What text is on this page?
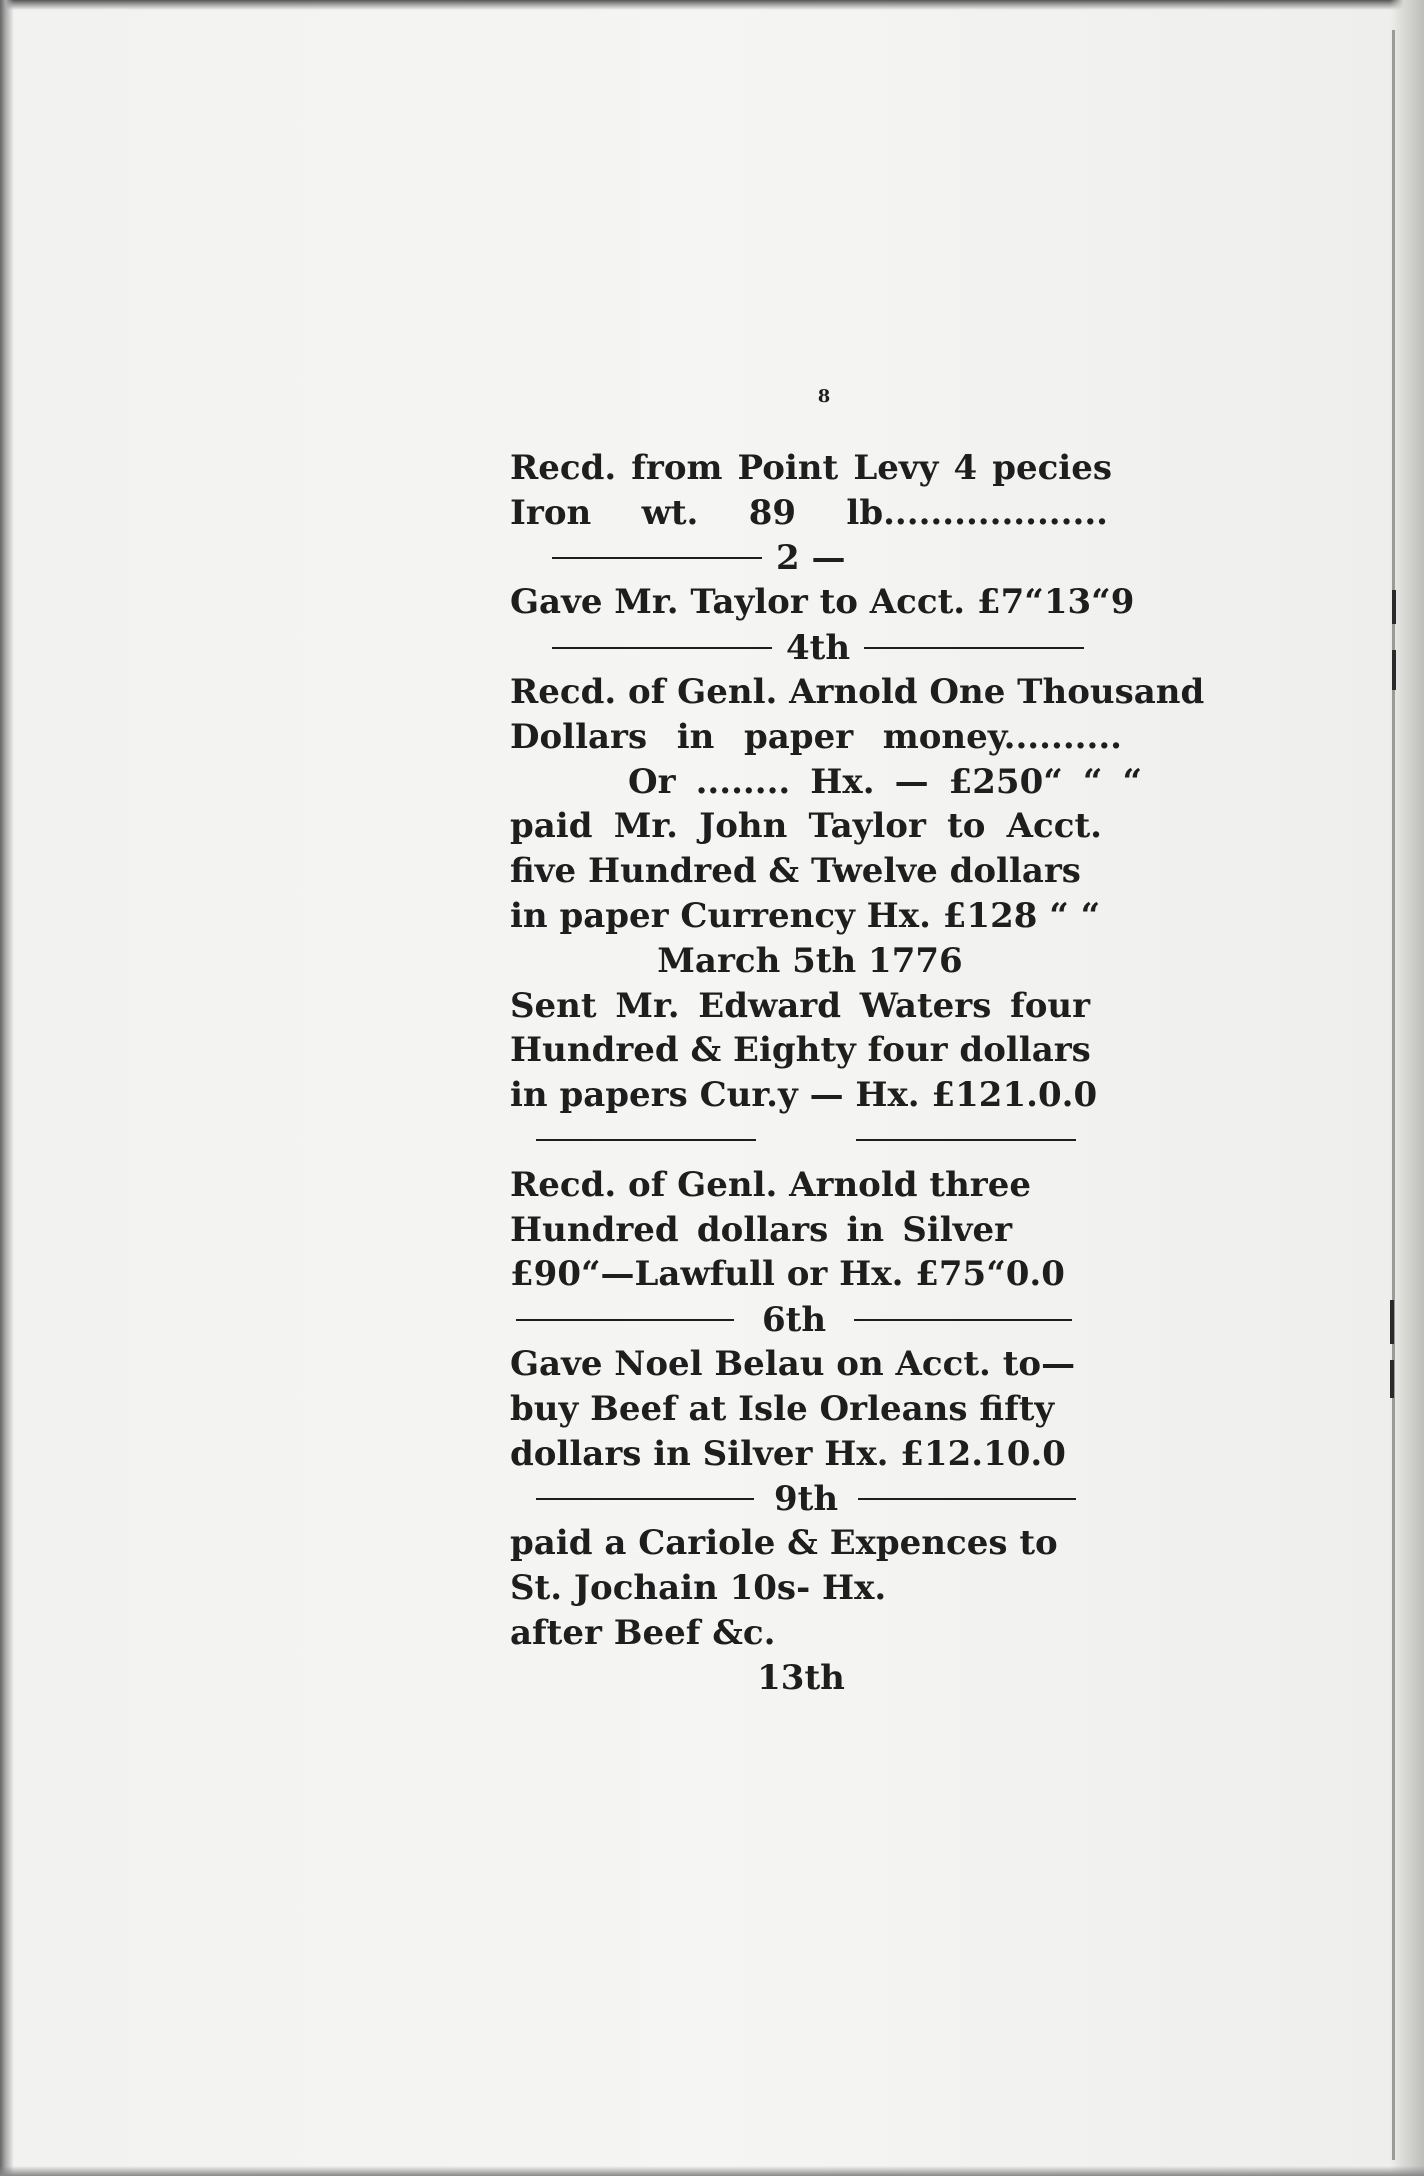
8
Recd. from Point Levy 4 pecies
Iron wt. 89 lb...................
2 —
Gave Mr. Taylor to Acct. £7“13“9
4th
Recd. of Genl. Arnold One Thousand
Dollars in paper money..........
Or ........ Hx. — £250“ “ “
paid Mr. John Taylor to Acct.
five Hundred & Twelve dollars
in paper Currency Hx. £128 “ “
March 5th 1776
Sent Mr. Edward Waters four
Hundred & Eighty four dollars
in papers Cur.y — Hx. £121.0.0
Recd. of Genl. Arnold three
Hundred dollars in Silver
£90“—Lawfull or Hx. £75“0.0
6th
Gave Noel Belau on Acct. to—
buy Beef at Isle Orleans fifty
dollars in Silver Hx. £12.10.0
9th
paid a Cariole & Expences to
St. Jochain 10s- Hx.
after Beef &c.
13th
